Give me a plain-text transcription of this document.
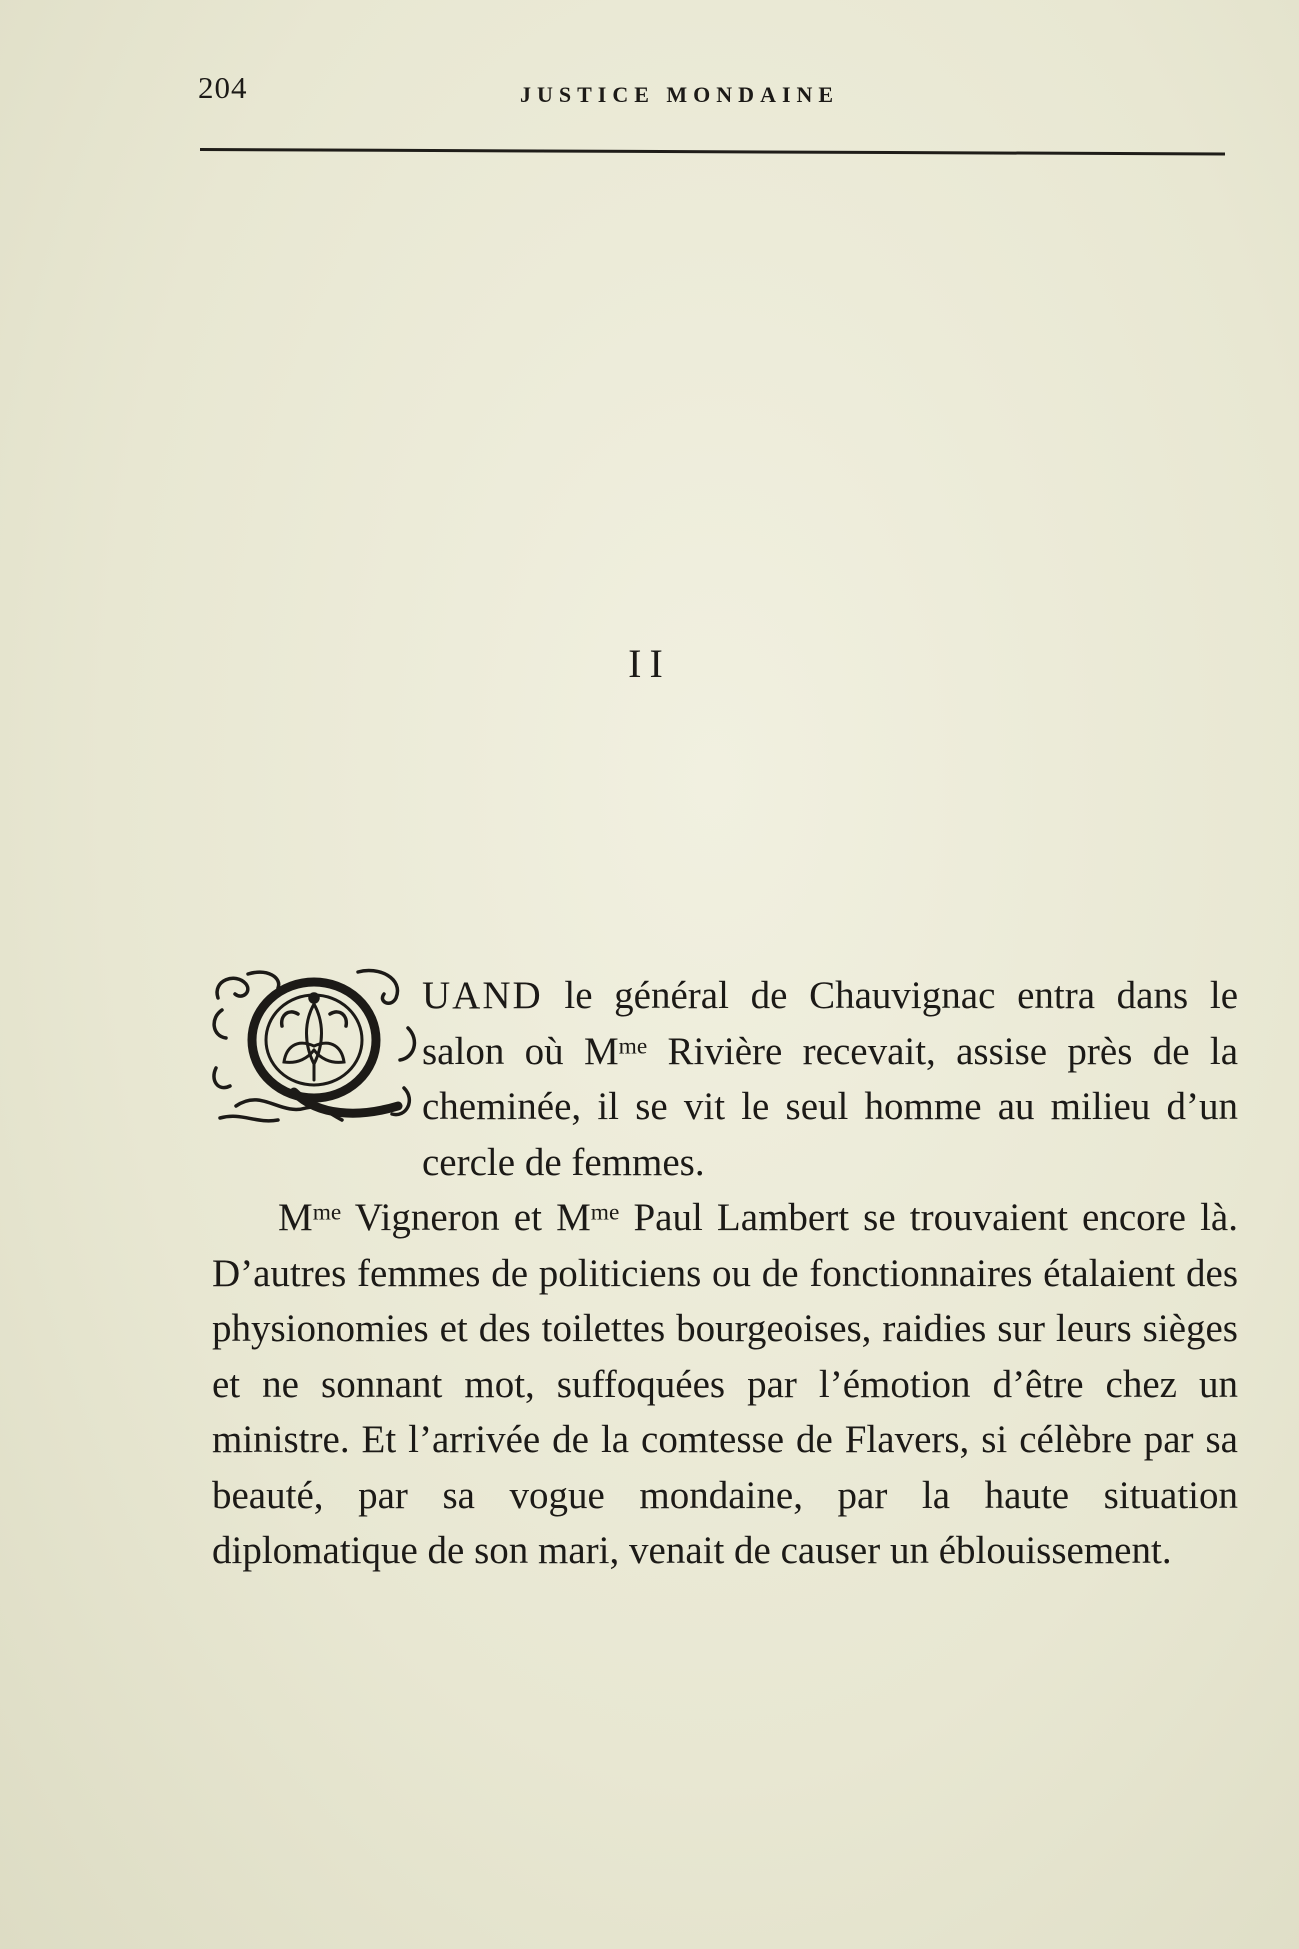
204	JUSTICE MONDAINE
II

UAND le général de Chauvignac entra dans le salon où $M^{me}$ Rivière recevait, assise près de la cheminée, il se vit le seul homme au milieu d’un cercle de femmes.

$M^{me}$ Vigneron et $M^{me}$ Paul Lambert se trouvaient encore là. D’autres femmes de politiciens ou de fonctionnaires étalaient des physionomies et des toilettes bourgeoises, raidies sur leurs sièges et ne sonnant mot, suffoquées par l’émotion d’être chez un ministre. Et l’arrivée de la comtesse de Flavers, si célèbre par sa beauté, par sa vogue mondaine, par la haute situation diplomatique de son mari, venait de causer un éblouissement.
